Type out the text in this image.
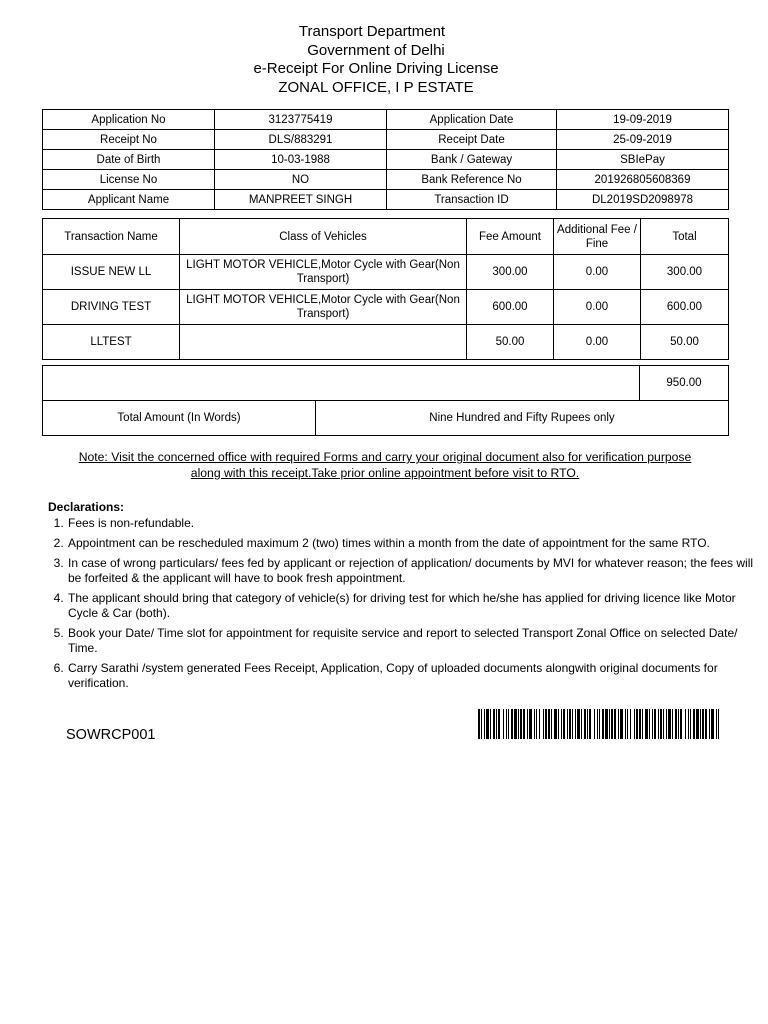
Transport Department
Government of Delhi
e-Receipt For Online Driving License
ZONAL OFFICE, I P ESTATE
Application No	3123775419	Application Date	19-09-2019
Receipt No	DLS/883291	Receipt Date	25-09-2019
Date of Birth	10-03-1988	Bank / Gateway	SBIePay
License No	NO	Bank Reference No	201926805608369
Applicant Name	MANPREET SINGH	Transaction ID	DL2019SD2098978
Transaction Name	Class of Vehicles	Fee Amount	Additional Fee / Fine	Total
ISSUE NEW LL	LIGHT MOTOR VEHICLE,Motor Cycle with Gear(Non Transport)	300.00	0.00	300.00
DRIVING TEST	LIGHT MOTOR VEHICLE,Motor Cycle with Gear(Non Transport)	600.00	0.00	600.00
LLTEST		50.00	0.00	50.00
		950.00
Total Amount (In Words)	Nine Hundred and Fifty Rupees only	
Note: Visit the concerned office with required Forms and carry your original document also for verification purpose
along with this receipt.Take prior online appointment before visit to RTO.
Declarations:
1. Fees is non-refundable.
2. Appointment can be rescheduled maximum 2 (two) times within a month from the date of appointment for the same RTO.
3. In case of wrong particulars/ fees fed by applicant or rejection of application/ documents by MVI for whatever reason; the fees will be forfeited & the applicant will have to book fresh appointment.
4. The applicant should bring that category of vehicle(s) for driving test for which he/she has applied for driving licence like Motor Cycle & Car (both).
5. Book your Date/ Time slot for appointment for requisite service and report to selected Transport Zonal Office on selected Date/ Time.
6. Carry Sarathi /system generated Fees Receipt, Application, Copy of uploaded documents alongwith original documents for verification.
SOWRCP001
